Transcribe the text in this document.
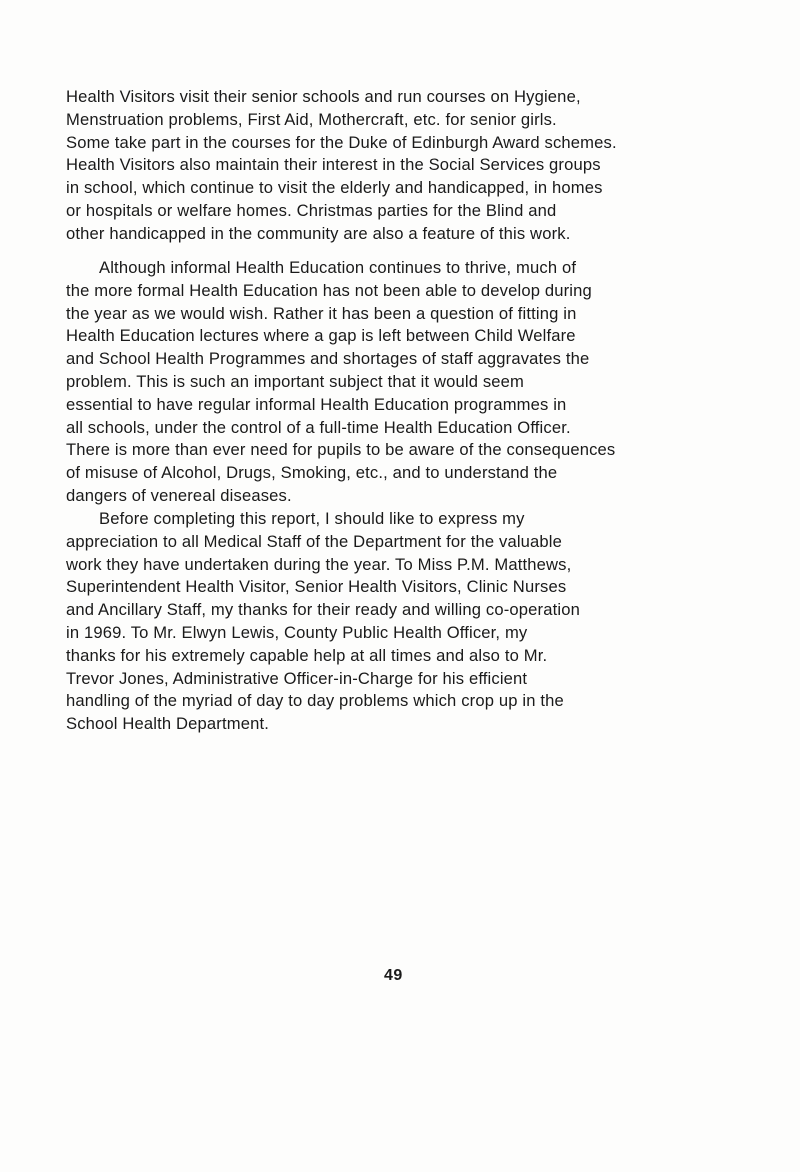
Health Visitors visit their senior schools and run courses on Hygiene,
Menstruation problems, First Aid, Mothercraft, etc. for senior girls.
Some take part in the courses for the Duke of Edinburgh Award schemes.
Health Visitors also maintain their interest in the Social Services groups
in school, which continue to visit the elderly and handicapped, in homes
or hospitals or welfare homes. Christmas parties for the Blind and
other handicapped in the community are also a feature of this work.
Although informal Health Education continues to thrive, much of
the more formal Health Education has not been able to develop during
the year as we would wish. Rather it has been a question of fitting in
Health Education lectures where a gap is left between Child Welfare
and School Health Programmes and shortages of staff aggravates the
problem. This is such an important subject that it would seem
essential to have regular informal Health Education programmes in
all schools, under the control of a full-time Health Education Officer.
There is more than ever need for pupils to be aware of the consequences
of misuse of Alcohol, Drugs, Smoking, etc., and to understand the
dangers of venereal diseases.
Before completing this report, I should like to express my
appreciation to all Medical Staff of the Department for the valuable
work they have undertaken during the year. To Miss P.M. Matthews,
Superintendent Health Visitor, Senior Health Visitors, Clinic Nurses
and Ancillary Staff, my thanks for their ready and willing co-operation
in 1969. To Mr. Elwyn Lewis, County Public Health Officer, my
thanks for his extremely capable help at all times and also to Mr.
Trevor Jones, Administrative Officer-in-Charge for his efficient
handling of the myriad of day to day problems which crop up in the
School Health Department.
49
